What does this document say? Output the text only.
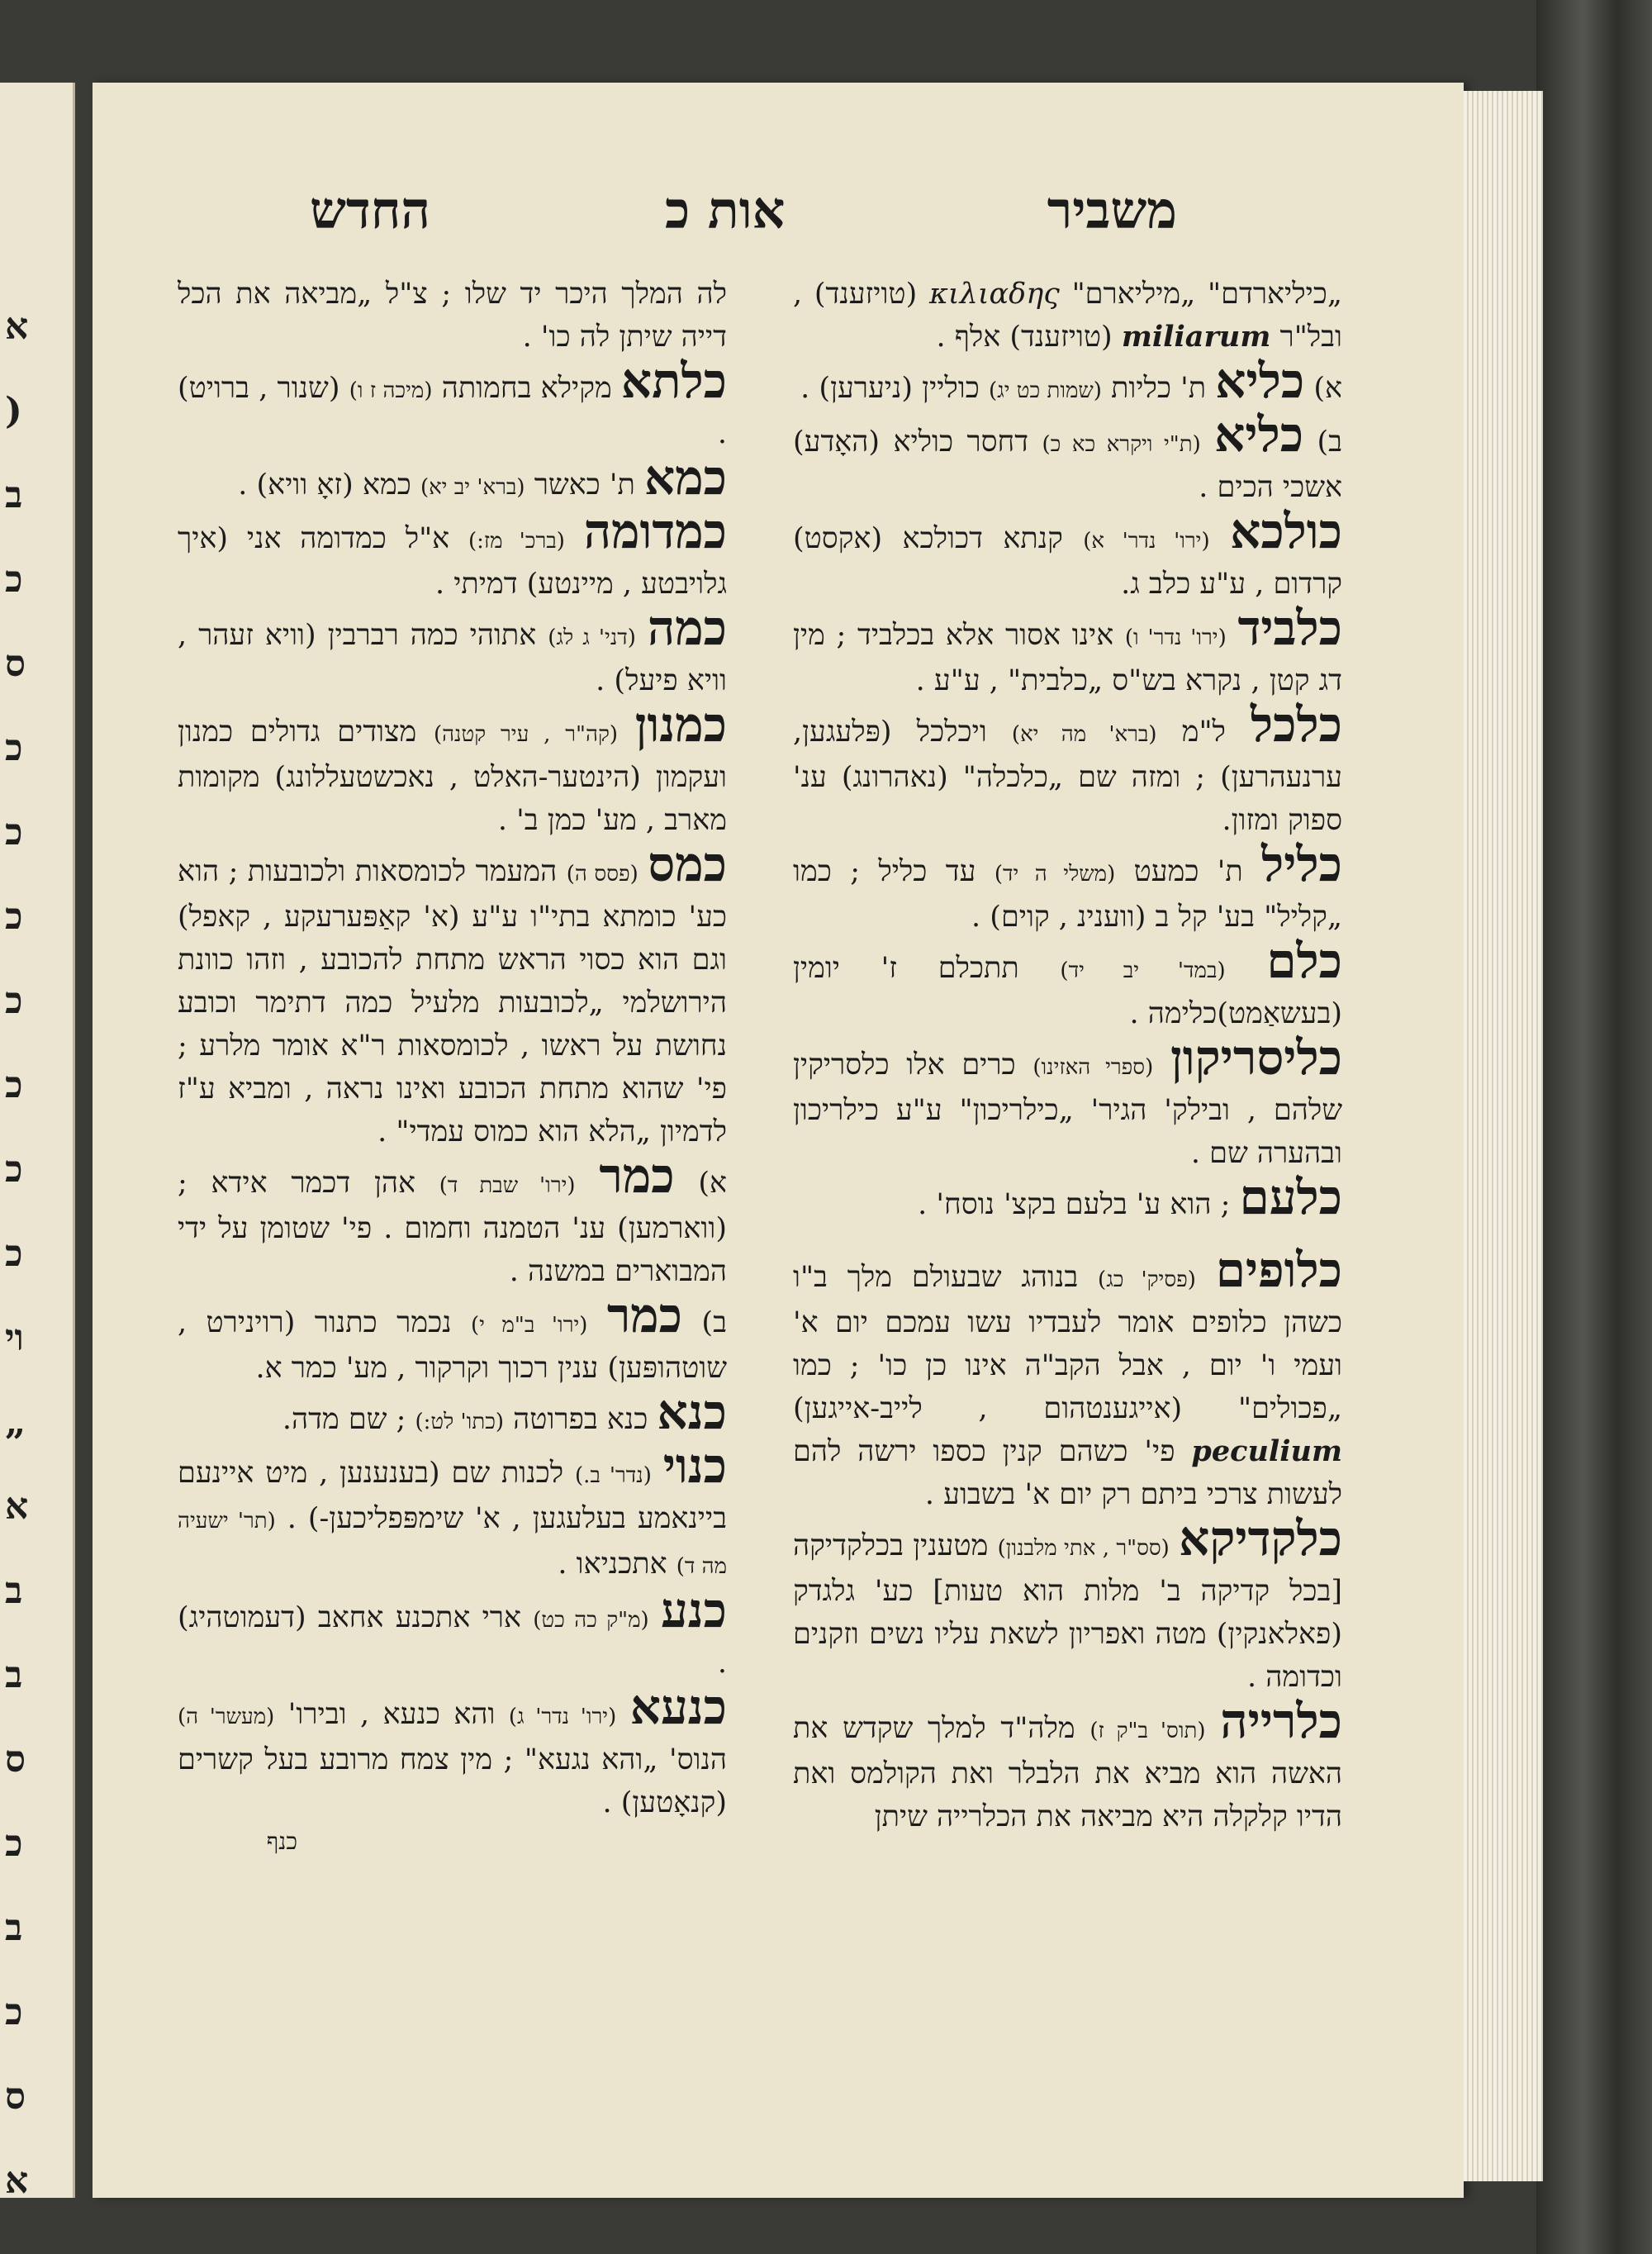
א
(
ב
כ
ס
כ
כ
כ
כ
כ
כ
כ
וי
„
א
ב
ב
ס
כ
ב
כ
ס
א
משביר
אות כ
החדש
„כיליארדם" „מיליארם" κιλιαδης (טויזענד) , ובל"ר miliarum (טויזענד) אלף .
א) כליא ת' כליות (שמות כט יג) כוליין (ניערען) .
ב) כליא (ת"י ויקרא כא כ) דחסר כוליא (האָדע) אשכי הכים .
כולכא (ירו' נדר' א) קנתא דכולכא (אקסט) קרדום , ע"ע כלב ג.
כלביד (ירו' נדר' ו) אינו אסור אלא בכלביד ; מין דג קטן , נקרא בש"ס „כלבית" , ע"ע .
כלכל ל"מ (ברא' מה יא) ויכלכל (פּלעגען, ערנעהרען) ; ומזה שם „כלכלה" (נאהרונג) ענ' ספוק ומזון.
כליל ת' כמעט (משלי ה יד) עד כליל ; כמו „קליל" בע' קל ב (ווענינ , קוים) .
כלם (במד' יב יד) תתכלם ז' יומין (בעשאַמט)כלימה .
כליסריקון (ספרי האזינו) כרים אלו כלסריקין שלהם , ובילק' הגיר' „כילריכון" ע"ע כילריכון ובהערה שם .
כלעם ; הוא ע' בלעם בקצ' נוסח' .
כלופים (פסיק' כג) בנוהג שבעולם מלך ב"ו כשהן כלופים אומר לעבדיו עשו עמכם יום א' ועמי ו' יום , אבל הקב"ה אינו כן כו' ; כמו „פכולים" (אייגענטהום , לייב-אייגען) peculium פי' כשהם קנין כספו ירשה להם לעשות צרכי ביתם רק יום א' בשבוע .
כלקדיקא (סס"ר , אתי מלבנון) מטענין בכלקדיקה [בכל קדיקה ב' מלות הוא טעות] כע' גלגדק (פאלאנקין) מטה ואפריון לשאת עליו נשים וזקנים וכדומה .
כלרייה (תוס' ב"ק ז) מלה"ד למלך שקדש את האשה הוא מביא את הלבלר ואת הקולמס ואת הדיו קלקלה היא מביאה את הכלרייה שיתן
לה המלך היכר יד שלו ; צ"ל „מביאה את הכל דייה שיתן לה כו' .
כלתא מקילא בחמותה (מיכה ז ו) (שנור , ברויט) .
כמא ת' כאשר (ברא' יב יא) כמא (זאָ וויא) .
כמדומה (ברכ' מז:) א"ל כמדומה אני (איך גלויבטע , מיינטע) דמיתי .
כמה (דני' ג לג) אתוהי כמה רברבין (וויא זעהר , וויא פיעל) .
כמנון (קה"ר , עיר קטנה) מצודים גדולים כמנון ועקמון (הינטער-האלט , נאכשטעללונג) מקומות מארב , מע' כמן ב' .
כמס (פסס ה) המעמר לכומסאות ולכובעות ; הוא כע' כומתא בתי"ו ע"ע (א' קאַפּערעקע , קאפל) וגם הוא כסוי הראש מתחת להכובע , וזהו כוונת הירושלמי „לכובעות מלעיל כמה דתימר וכובע נחושת על ראשו , לכומסאות ר"א אומר מלרע ; פי' שהוא מתחת הכובע ואינו נראה , ומביא ע"ז לדמיון „הלא הוא כמוס עמדי" .
א) כמר (ירו' שבת ד) אהן דכמר אידא ; (ווארמען) ענ' הטמנה וחמום . פי' שטומן על ידי המבוארים במשנה .
ב) כמר (ירו' ב"מ י) נכמר כתנור (רוינירט , שוטהופּען) ענין רכוך וקרקור , מע' כמר א.
כנא כנא בפרוטה (כתו' לט:) ; שם מדה.
כנוי (נדר' ב.) לכנות שם (בענענען , מיט איינעם ביינאמע בעלעגען , א' שימפּפליכען-) . (תר' ישעיה מה ד) אתכניאו .
כנע (מ"ק כה כט) ארי אתכנע אחאב (דעמוטהיג) .
כנעא (ירו' נדר' ג) והא כנעא , ובירו' (מעשר' ה) הנוס' „והא נגעא" ; מין צמח מרובע בעל קשרים (קנאָטען) .
כנף
